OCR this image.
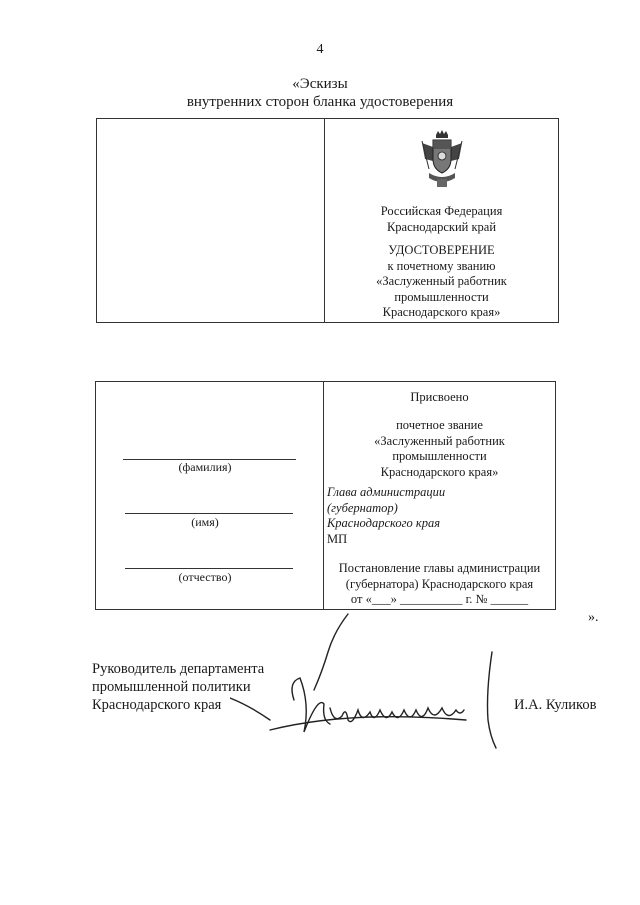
4
«Эскизы
внутренних сторон бланка удостоверения
Российская Федерация
Краснодарский край
УДОСТОВЕРЕНИЕ
к почетному званию
«Заслуженный работник
промышленности
Краснодарского края»
(фамилия)
(имя)
(отчество)
Присвоено
почетное звание
«Заслуженный работник
промышленности
Краснодарского края»
Глава администрации
(губернатор)
Краснодарского края
МП
Постановление главы администрации
(губернатора) Краснодарского края
от «___» __________ г. № ______
».
Руководитель департамента
промышленной политики
Краснодарского края	И.А. Куликов
